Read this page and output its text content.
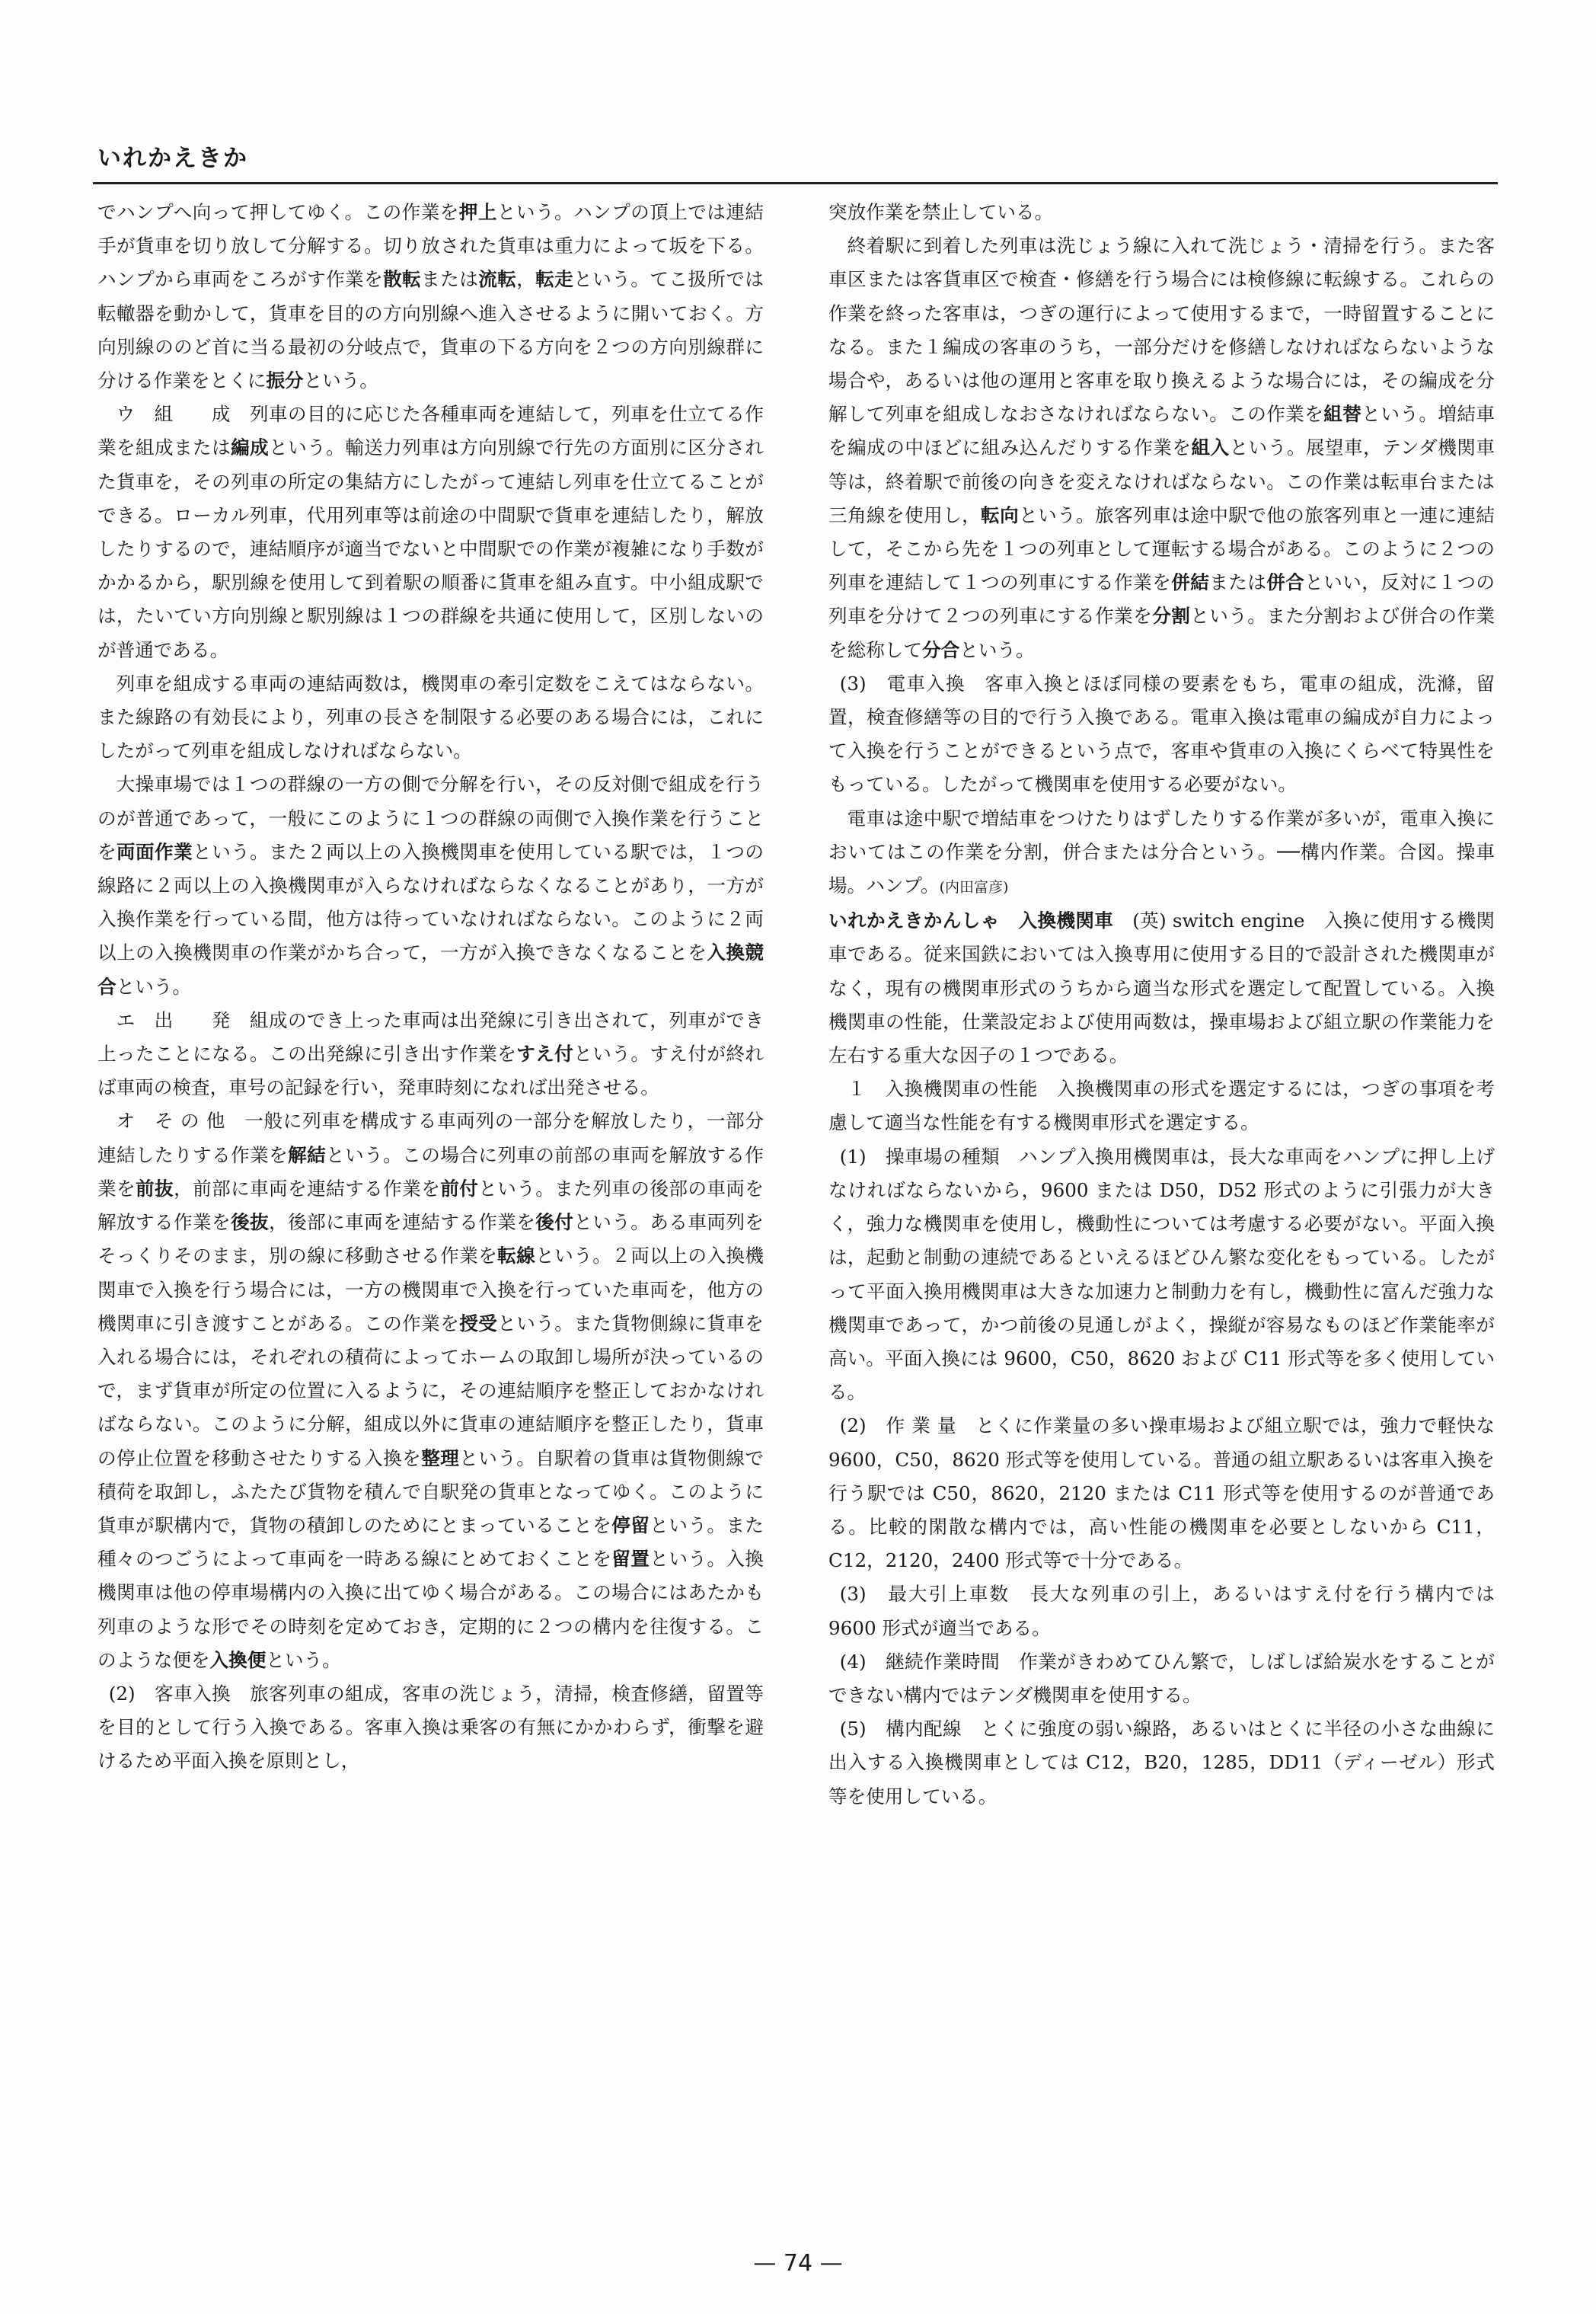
いれかえきか

でハンプへ向って押してゆく。この作業を押上という。ハンプの頂上では連結手が貨車を切り放して分解する。切り放された貨車は重力によって坂を下る。ハンプから車両をころがす作業を散転または流転，転走という。てこ扱所では転轍器を動かして，貨車を目的の方向別線へ進入させるように開いておく。方向別線ののど首に当る最初の分岐点で，貨車の下る方向を２つの方向別線群に分ける作業をとくに振分という。

ウ　組　　成　列車の目的に応じた各種車両を連結して，列車を仕立てる作業を組成または編成という。輸送力列車は方向別線で行先の方面別に区分された貨車を，その列車の所定の集結方にしたがって連結し列車を仕立てることができる。ローカル列車，代用列車等は前途の中間駅で貨車を連結したり，解放したりするので，連結順序が適当でないと中間駅での作業が複雑になり手数がかかるから，駅別線を使用して到着駅の順番に貨車を組み直す。中小組成駅では，たいてい方向別線と駅別線は１つの群線を共通に使用して，区別しないのが普通である。

列車を組成する車両の連結両数は，機関車の牽引定数をこえてはならない。また線路の有効長により，列車の長さを制限する必要のある場合には，これにしたがって列車を組成しなければならない。

大操車場では１つの群線の一方の側で分解を行い，その反対側で組成を行うのが普通であって，一般にこのように１つの群線の両側で入換作業を行うことを両面作業という。また２両以上の入換機関車を使用している駅では，１つの線路に２両以上の入換機関車が入らなければならなくなることがあり，一方が入換作業を行っている間，他方は待っていなければならない。このように２両以上の入換機関車の作業がかち合って，一方が入換できなくなることを入換競合という。

エ　出　　発　組成のでき上った車両は出発線に引き出されて，列車ができ上ったことになる。この出発線に引き出す作業をすえ付という。すえ付が終れば車両の検査，車号の記録を行い，発車時刻になれば出発させる。

オ　そ の 他　一般に列車を構成する車両列の一部分を解放したり，一部分連結したりする作業を解結という。この場合に列車の前部の車両を解放する作業を前抜，前部に車両を連結する作業を前付という。また列車の後部の車両を解放する作業を後抜，後部に車両を連結する作業を後付という。ある車両列をそっくりそのまま，別の線に移動させる作業を転線という。２両以上の入換機関車で入換を行う場合には，一方の機関車で入換を行っていた車両を，他方の機関車に引き渡すことがある。この作業を授受という。また貨物側線に貨車を入れる場合には，それぞれの積荷によってホームの取卸し場所が決っているので，まず貨車が所定の位置に入るように，その連結順序を整正しておかなければならない。このように分解，組成以外に貨車の連結順序を整正したり，貨車の停止位置を移動させたりする入換を整理という。自駅着の貨車は貨物側線で積荷を取卸し，ふたたび貨物を積んで自駅発の貨車となってゆく。このように貨車が駅構内で，貨物の積卸しのためにとまっていることを停留という。また種々のつごうによって車両を一時ある線にとめておくことを留置という。入換機関車は他の停車場構内の入換に出てゆく場合がある。この場合にはあたかも列車のような形でその時刻を定めておき，定期的に２つの構内を往復する。このような便を入換便という。

(2)　客車入換　旅客列車の組成，客車の洗じょう，清掃，検査修繕，留置等を目的として行う入換である。客車入換は乗客の有無にかかわらず，衝撃を避けるため平面入換を原則とし，

突放作業を禁止している。

終着駅に到着した列車は洗じょう線に入れて洗じょう・清掃を行う。また客車区または客貨車区で検査・修繕を行う場合には検修線に転線する。これらの作業を終った客車は，つぎの運行によって使用するまで，一時留置することになる。また１編成の客車のうち，一部分だけを修繕しなければならないような場合や，あるいは他の運用と客車を取り換えるような場合には，その編成を分解して列車を組成しなおさなければならない。この作業を組替という。増結車を編成の中ほどに組み込んだりする作業を組入という。展望車，テンダ機関車等は，終着駅で前後の向きを変えなければならない。この作業は転車台または三角線を使用し，転向という。旅客列車は途中駅で他の旅客列車と一連に連結して，そこから先を１つの列車として運転する場合がある。このように２つの列車を連結して１つの列車にする作業を併結または併合といい，反対に１つの列車を分けて２つの列車にする作業を分割という。また分割および併合の作業を総称して分合という。

(3)　電車入換　客車入換とほぼ同様の要素をもち，電車の組成，洗滌，留置，検査修繕等の目的で行う入換である。電車入換は電車の編成が自力によって入換を行うことができるという点で，客車や貨車の入換にくらべて特異性をもっている。したがって機関車を使用する必要がない。

電車は途中駅で増結車をつけたりはずしたりする作業が多いが，電車入換においてはこの作業を分割，併合または分合という。──構内作業。合図。操車場。ハンプ。(内田富彦)

いれかえきかんしゃ　入換機関車　(英) switch engine　入換に使用する機関車である。従来国鉄においては入換専用に使用する目的で設計された機関車がなく，現有の機関車形式のうちから適当な形式を選定して配置している。入換機関車の性能，仕業設定および使用両数は，操車場および組立駅の作業能力を左右する重大な因子の１つである。

１　入換機関車の性能　入換機関車の形式を選定するには，つぎの事項を考慮して適当な性能を有する機関車形式を選定する。

(1)　操車場の種類　ハンプ入換用機関車は，長大な車両をハンプに押し上げなければならないから，9600 または D50，D52 形式のように引張力が大きく，強力な機関車を使用し，機動性については考慮する必要がない。平面入換は，起動と制動の連続であるといえるほどひん繁な変化をもっている。したがって平面入換用機関車は大きな加速力と制動力を有し，機動性に富んだ強力な機関車であって，かつ前後の見通しがよく，操縦が容易なものほど作業能率が高い。平面入換には 9600，C50，8620 および C11 形式等を多く使用している。

(2)　作 業 量　とくに作業量の多い操車場および組立駅では，強力で軽快な 9600，C50，8620 形式等を使用している。普通の組立駅あるいは客車入換を行う駅では C50，8620，2120 または C11 形式等を使用するのが普通である。比較的閑散な構内では，高い性能の機関車を必要としないから C11，C12，2120，2400 形式等で十分である。

(3)　最大引上車数　長大な列車の引上，あるいはすえ付を行う構内では 9600 形式が適当である。

(4)　継続作業時間　作業がきわめてひん繁で，しばしば給炭水をすることができない構内ではテンダ機関車を使用する。

(5)　構内配線　とくに強度の弱い線路，あるいはとくに半径の小さな曲線に出入する入換機関車としては C12，B20，1285，DD11（ディーゼル）形式等を使用している。

— 74 —
